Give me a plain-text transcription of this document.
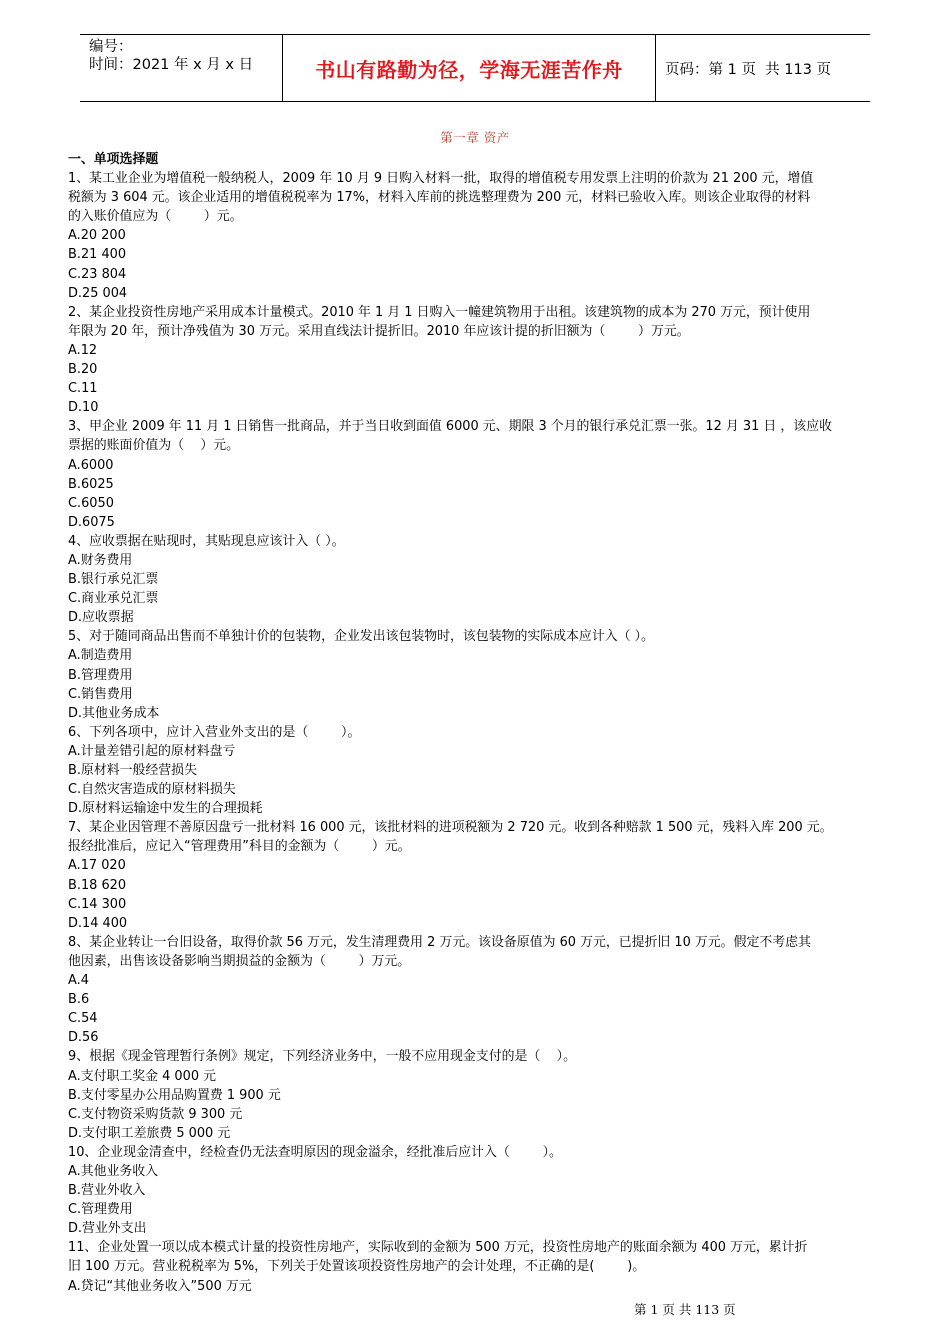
编号：
时间：2021 年 x 月 x 日	书山有路勤为径，学海无涯苦作舟	页码：第 1 页  共 113 页
第一章 资产
一、单项选择题
1、某工业企业为增值税一般纳税人，2009 年 10 月 9 日购入材料一批，取得的增值税专用发票上注明的价款为 21 200 元，增值
税额为 3 604 元。该企业适用的增值税税率为 17%，材料入库前的挑选整理费为 200 元，材料已验收入库。则该企业取得的材料
的入账价值应为（        ）元。
A.20 200
B.21 400
C.23 804
D.25 004
2、某企业投资性房地产采用成本计量模式。2010 年 1 月 1 日购入一幢建筑物用于出租。该建筑物的成本为 270 万元，预计使用
年限为 20 年，预计净残值为 30 万元。采用直线法计提折旧。2010 年应该计提的折旧额为（        ）万元。
A.12
B.20
C.11
D.10
3、甲企业 2009 年 11 月 1 日销售一批商品，并于当日收到面值 6000 元、期限 3 个月的银行承兑汇票一张。12 月 31 日 ，该应收
票据的账面价值为（    ）元。
A.6000
B.6025
C.6050
D.6075
4、应收票据在贴现时，其贴现息应该计入（ ）。
A.财务费用
B.银行承兑汇票
C.商业承兑汇票
D.应收票据
5、对于随同商品出售而不单独计价的包装物，企业发出该包装物时，该包装物的实际成本应计入（ ）。
A.制造费用
B.管理费用
C.销售费用
D.其他业务成本
6、下列各项中，应计入营业外支出的是（        ）。
A.计量差错引起的原材料盘亏
B.原材料一般经营损失
C.自然灾害造成的原材料损失
D.原材料运输途中发生的合理损耗
7、某企业因管理不善原因盘亏一批材料 16 000 元，该批材料的进项税额为 2 720 元。收到各种赔款 1 500 元，残料入库 200 元。
报经批准后，应记入“管理费用”科目的金额为（        ）元。
A.17 020
B.18 620
C.14 300
D.14 400
8、某企业转让一台旧设备，取得价款 56 万元，发生清理费用 2 万元。该设备原值为 60 万元，已提折旧 10 万元。假定不考虑其
他因素，出售该设备影响当期损益的金额为（        ）万元。
A.4
B.6
C.54
D.56
9、根据《现金管理暂行条例》规定，下列经济业务中，一般不应用现金支付的是（    ）。
A.支付职工奖金 4 000 元
B.支付零星办公用品购置费 1 900 元
C.支付物资采购货款 9 300 元
D.支付职工差旅费 5 000 元
10、企业现金清查中，经检查仍无法查明原因的现金溢余，经批准后应计入（        ）。
A.其他业务收入
B.营业外收入
C.管理费用
D.营业外支出
11、企业处置一项以成本模式计量的投资性房地产，实际收到的金额为 500 万元，投资性房地产的账面余额为 400 万元，累计折
旧 100 万元。营业税税率为 5%，下列关于处置该项投资性房地产的会计处理，不正确的是(        )。
A.贷记“其他业务收入”500 万元
第 1 页 共 113 页
